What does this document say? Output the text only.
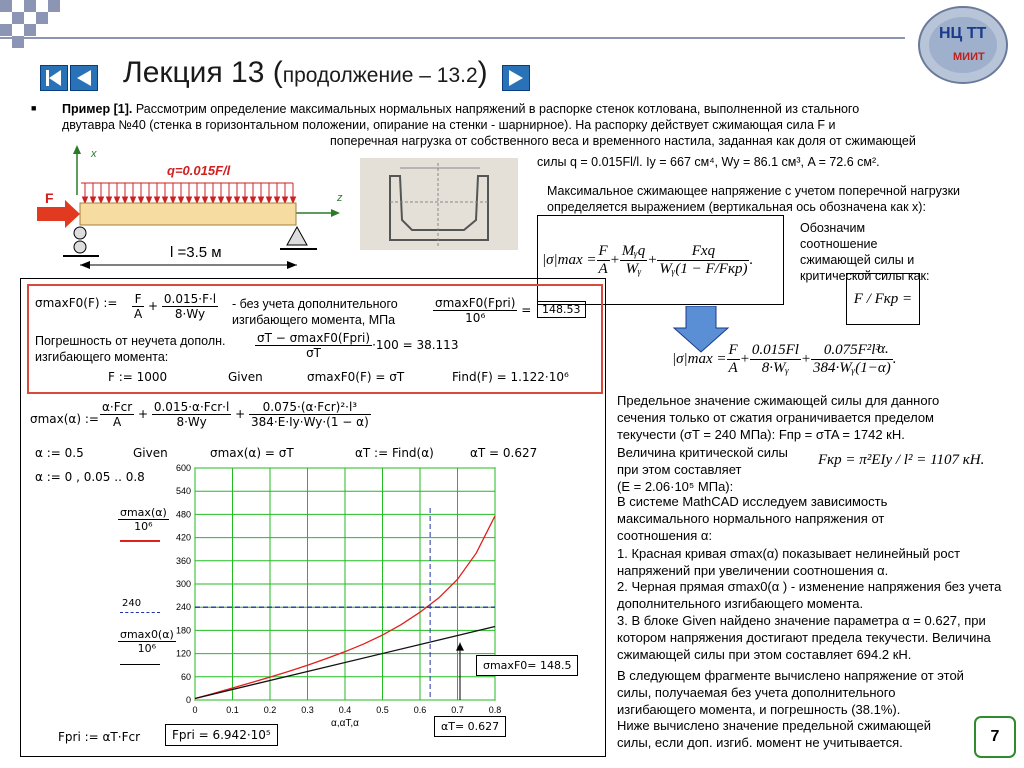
НЦ ТТ
МИИТ
Лекция 13 (продолжение – 13.2)
■ Пример [1]. Рассмотрим определение максимальных нормальных напряжений в распорке стенок котлована, выполненной из стального
двутавра №40 (стенка в горизонтальном положении, опирание на стенки - шарнирное). На распорку действует сжимающая сила F и
поперечная нагрузка от собственного веса и временного настила, заданная как доля от сжимающей
силы q = 0.015Fl/l. Iy = 667 см⁴, Wy = 86.1 см³, A = 72.6 см².
x
z
q=0.015F/l
F
l =3.5 м
Максимальное сжимающее напряжение с учетом поперечной нагрузки определяется выражением (вертикальная ось обозначена как x):
$|\sigma|\max = \frac{F}{A} + \frac{\text{Mᵧq}}{\text{Wᵧ}} + \frac{\text{Fxq}}{\text{Wᵧ(1 − F/Fкр)}}$ .
Обозначим соотношение сжимающей силы и критической силы как:
F / Fкр = α.
$|\sigma|\max = \frac{F}{A} + \frac{0.015Fl}{\text{8·Wᵧ}} + \frac{\text{0.075F²l³}}{\text{384·Wᵧ(1−α)}}$ .
Предельное значение сжимающей силы для данного сечения только от сжатия ограничивается пределом текучести (σT = 240 МПа): Fпр = σTA = 1742 кН.
Величина критической силы
при этом составляет
(E = 2.06·10⁵ МПа):
Fкр = π²EIy / l² = 1107 кН.
В системе MathCAD исследуем зависимость максимального нормального напряжения от соотношения α:
1. Красная кривая σmax(α) показывает нелинейный рост напряжений при увеличении соотношения α.
2. Черная прямая σmax0(α ) - изменение напряжения без учета дополнительного изгибающего момента.
3. В блоке Given найдено значение параметра α = 0.627, при котором напряжения достигают предела текучести. Величина сжимающей силы при этом составляет 694.2 кН.
В следующем фрагменте вычислено напряжение от этой силы, получаемая без учета дополнительного изгибающего момента, и погрешность (38.1%).
Ниже вычислено значение предельной сжимающей силы, если доп. изгиб. момент не учитывается.
σmaxF0(F) := $\frac{F}{A} + \frac{0.015\cdot F\cdot l}{8\cdot Wy}$ - без учета дополнительного изгибающего момента, МПа	$\frac{\text{σmaxF0(Fpri)}}{\text{10⁶}} = 148.53$
Погрешность от неучета дополн. изгибающего момента:	$\frac{\text{σT − σmaxF0(Fpri)}}{\sigma T} \cdot 100 = 38.113$
F := 1000	Given	σmaxF0(F) = σT	Find(F) = 1.122·10⁶
σmax(α) := $\frac{\text{α·Fcr}}{A} + \frac{\text{0.015·α·Fcr·l}}{8\cdot Wy} + \frac{\text{0.075·(α·Fcr)²·l³}}{384\cdot E\cdot Iy\cdot Wy\cdot(1 - \alpha)}$
α := 0.5	Given	σmax(α) = σT	αT := Find(α)	αT = 0.627
α := 0 , 0.05 .. 0.8
$\frac{\sigma\max(\alpha)}{\text{10⁶}}$
240
$\frac{\sigma\max 0(\alpha)}{\text{10⁶}}$
0	0.1	0.2	0.3	0.4	0.5	0.6	0.7	0.8
0
60
120
180
240
300
360
420
480
540
600
α,αT,α
σmaxF0= 148.5
αT= 0.627
Fpri := αT·Fcr	Fpri = 6.942·10⁵	7
